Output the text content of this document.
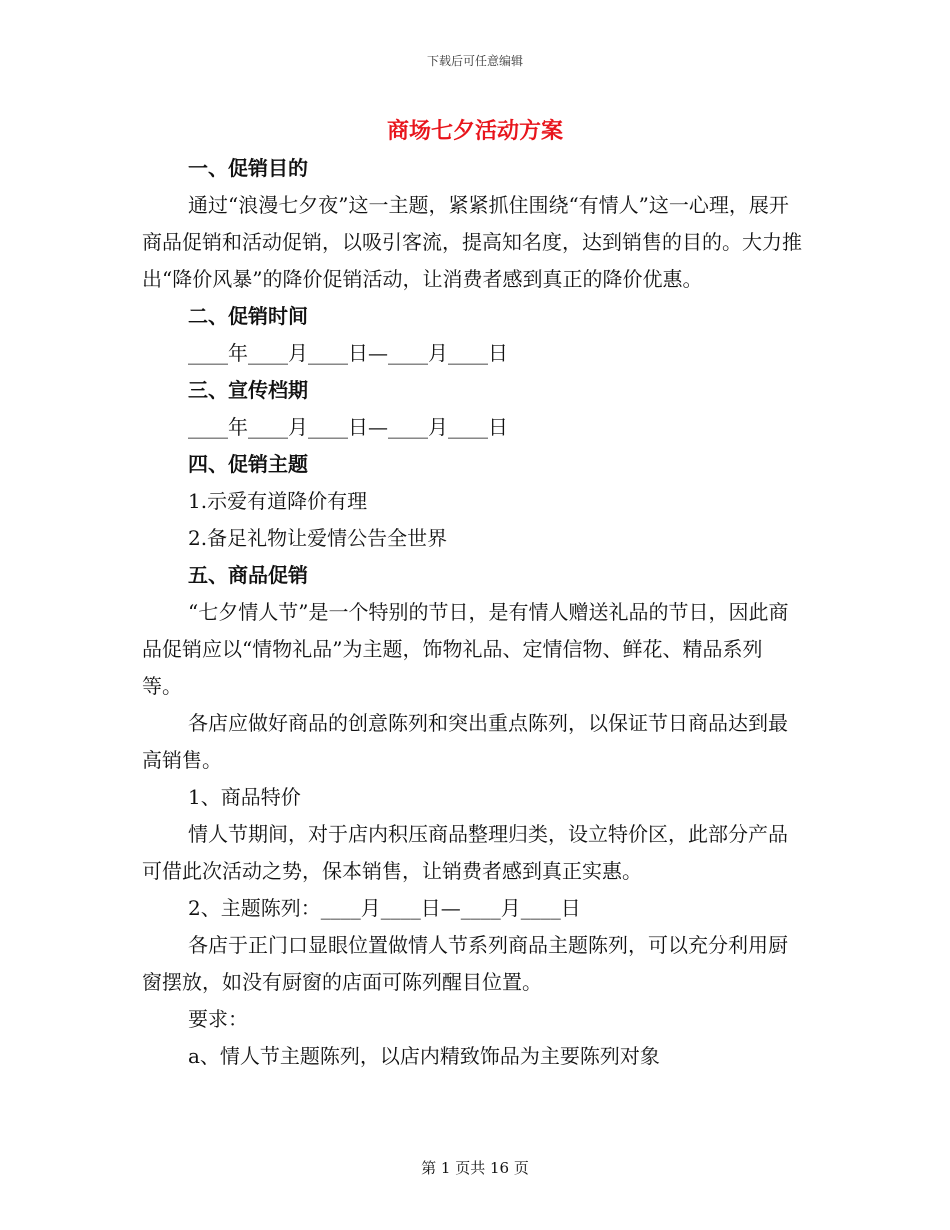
下载后可任意编辑
商场七夕活动方案
一、促销目的
通过“浪漫七夕夜”这一主题，紧紧抓住围绕“有情人”这一心理，展开商品促销和活动促销，以吸引客流，提高知名度，达到销售的目的。大力推出“降价风暴”的降价促销活动，让消费者感到真正的降价优惠。
二、促销时间
____年____月____日—____月____日
三、宣传档期
____年____月____日—____月____日
四、促销主题
1.示爱有道降价有理
2.备足礼物让爱情公告全世界
五、商品促销
“七夕情人节”是一个特别的节日，是有情人赠送礼品的节日，因此商品促销应以“情物礼品”为主题，饰物礼品、定情信物、鲜花、精品系列等。
各店应做好商品的创意陈列和突出重点陈列，以保证节日商品达到最高销售。
1、商品特价
情人节期间，对于店内积压商品整理归类，设立特价区，此部分产品可借此次活动之势，保本销售，让销费者感到真正实惠。
2、主题陈列：____月____日—____月____日
各店于正门口显眼位置做情人节系列商品主题陈列，可以充分利用厨窗摆放，如没有厨窗的店面可陈列醒目位置。
要求：
a、情人节主题陈列，以店内精致饰品为主要陈列对象
第 1 页共 16 页
